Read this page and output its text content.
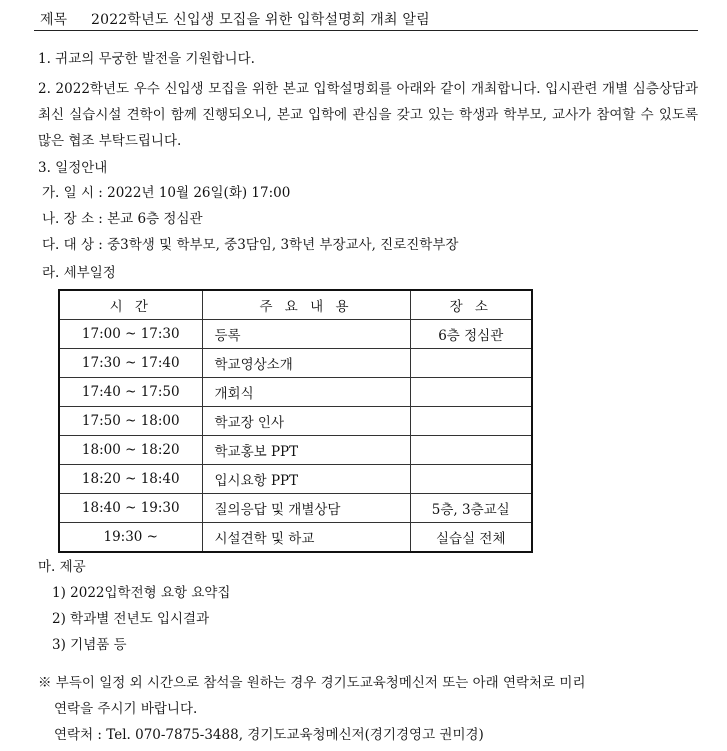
제목 2022학년도 신입생 모집을 위한 입학설명회 개최 알림
1. 귀교의 무궁한 발전을 기원합니다.
2. 2022학년도 우수 신입생 모집을 위한 본교 입학설명회를 아래와 같이 개최합니다. 입시관련 개별 심층상담과 최신 실습시설 견학이 함께 진행되오니, 본교 입학에 관심을 갖고 있는 학생과 학부모, 교사가 참여할 수 있도록 많은 협조 부탁드립니다.
3. 일정안내
가. 일 시 : 2022년 10월 26일(화) 17:00
나. 장 소 : 본교 6층 정심관
다. 대 상 : 중3학생 및 학부모, 중3담임, 3학년 부장교사, 진로진학부장
라. 세부일정
시 간	주 요 내 용	장 소
17:00 ~ 17:30	등록	6층 정심관
17:30 ~ 17:40	학교영상소개	
17:40 ~ 17:50	개회식	
17:50 ~ 18:00	학교장 인사	
18:00 ~ 18:20	학교홍보 PPT	
18:20 ~ 18:40	입시요항 PPT	
18:40 ~ 19:30	질의응답 및 개별상담	5층, 3층교실
19:30 ~	시설견학 및 하교	실습실 전체
마. 제공
1) 2022입학전형 요항 요약집
2) 학과별 전년도 입시결과
3) 기념품 등
※ 부득이 일정 외 시간으로 참석을 원하는 경우 경기도교육청메신저 또는 아래 연락처로 미리
연락을 주시기 바랍니다.
연락처 : Tel. 070-7875-3488, 경기도교육청메신저(경기경영고 권미경)
